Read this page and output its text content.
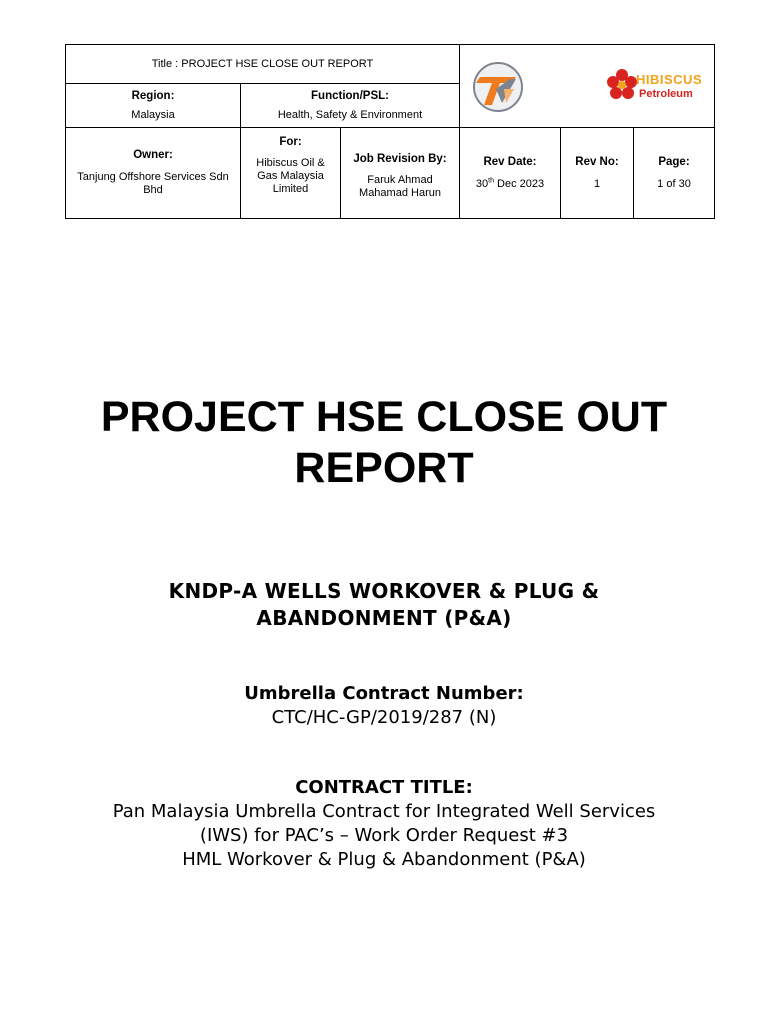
Title : PROJECT HSE CLOSE OUT REPORT
Region:
Malaysia
Function/PSL:
Health, Safety & Environment
HIBISCUS
Petroleum
Owner:
Tanjung Offshore Services Sdn Bhd
For:
Hibiscus Oil & Gas Malaysia Limited
Job Revision By:
Faruk Ahmad Mahamad Harun
Rev Date:
30th Dec 2023
Rev No:
1
Page:
1 of 30
PROJECT HSE CLOSE OUT
REPORT
KNDP-A WELLS WORKOVER & PLUG &
ABANDONMENT (P&A)
Umbrella Contract Number:
CTC/HC-GP/2019/287 (N)
CONTRACT TITLE:
Pan Malaysia Umbrella Contract for Integrated Well Services
(IWS) for PAC’s – Work Order Request #3
HML Workover & Plug & Abandonment (P&A)
